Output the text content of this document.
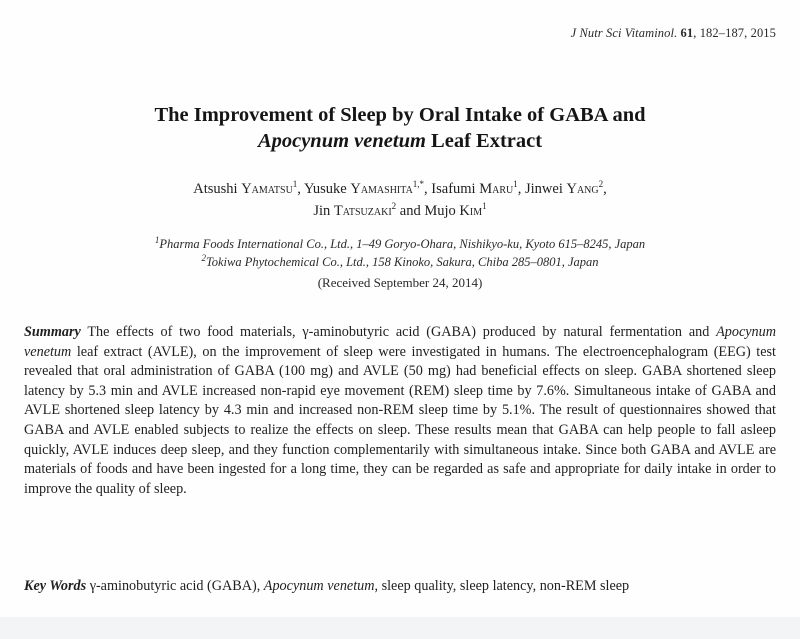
J Nutr Sci Vitaminol. 61, 182–187, 2015
The Improvement of Sleep by Oral Intake of GABA and
Apocynum venetum Leaf Extract
Atsushi Yamatsu$^1$, Yusuke Yamashita$^{1,*}$, Isafumi Maru$^1$, Jinwei Yang$^2$,
Jin Tatsuzaki$^2$ and Mujo Kim$^1$
$^1$Pharma Foods International Co., Ltd., 1–49 Goryo-Ohara, Nishikyo-ku, Kyoto 615–8245, Japan
$^2$Tokiwa Phytochemical Co., Ltd., 158 Kinoko, Sakura, Chiba 285–0801, Japan
(Received September 24, 2014)
Summary The effects of two food materials, γ-aminobutyric acid (GABA) produced by natural fermentation and Apocynum venetum leaf extract (AVLE), on the improvement of sleep were investigated in humans. The electroencephalogram (EEG) test revealed that oral administration of GABA (100 mg) and AVLE (50 mg) had beneficial effects on sleep. GABA shortened sleep latency by 5.3 min and AVLE increased non-rapid eye movement (REM) sleep time by 7.6%. Simultaneous intake of GABA and AVLE shortened sleep latency by 4.3 min and increased non-REM sleep time by 5.1%. The result of questionnaires showed that GABA and AVLE enabled subjects to realize the effects on sleep. These results mean that GABA can help people to fall asleep quickly, AVLE induces deep sleep, and they function complementarily with simultaneous intake. Since both GABA and AVLE are materials of foods and have been ingested for a long time, they can be regarded as safe and appropriate for daily intake in order to improve the quality of sleep.
Key Words γ-aminobutyric acid (GABA), Apocynum venetum, sleep quality, sleep latency, non-REM sleep
